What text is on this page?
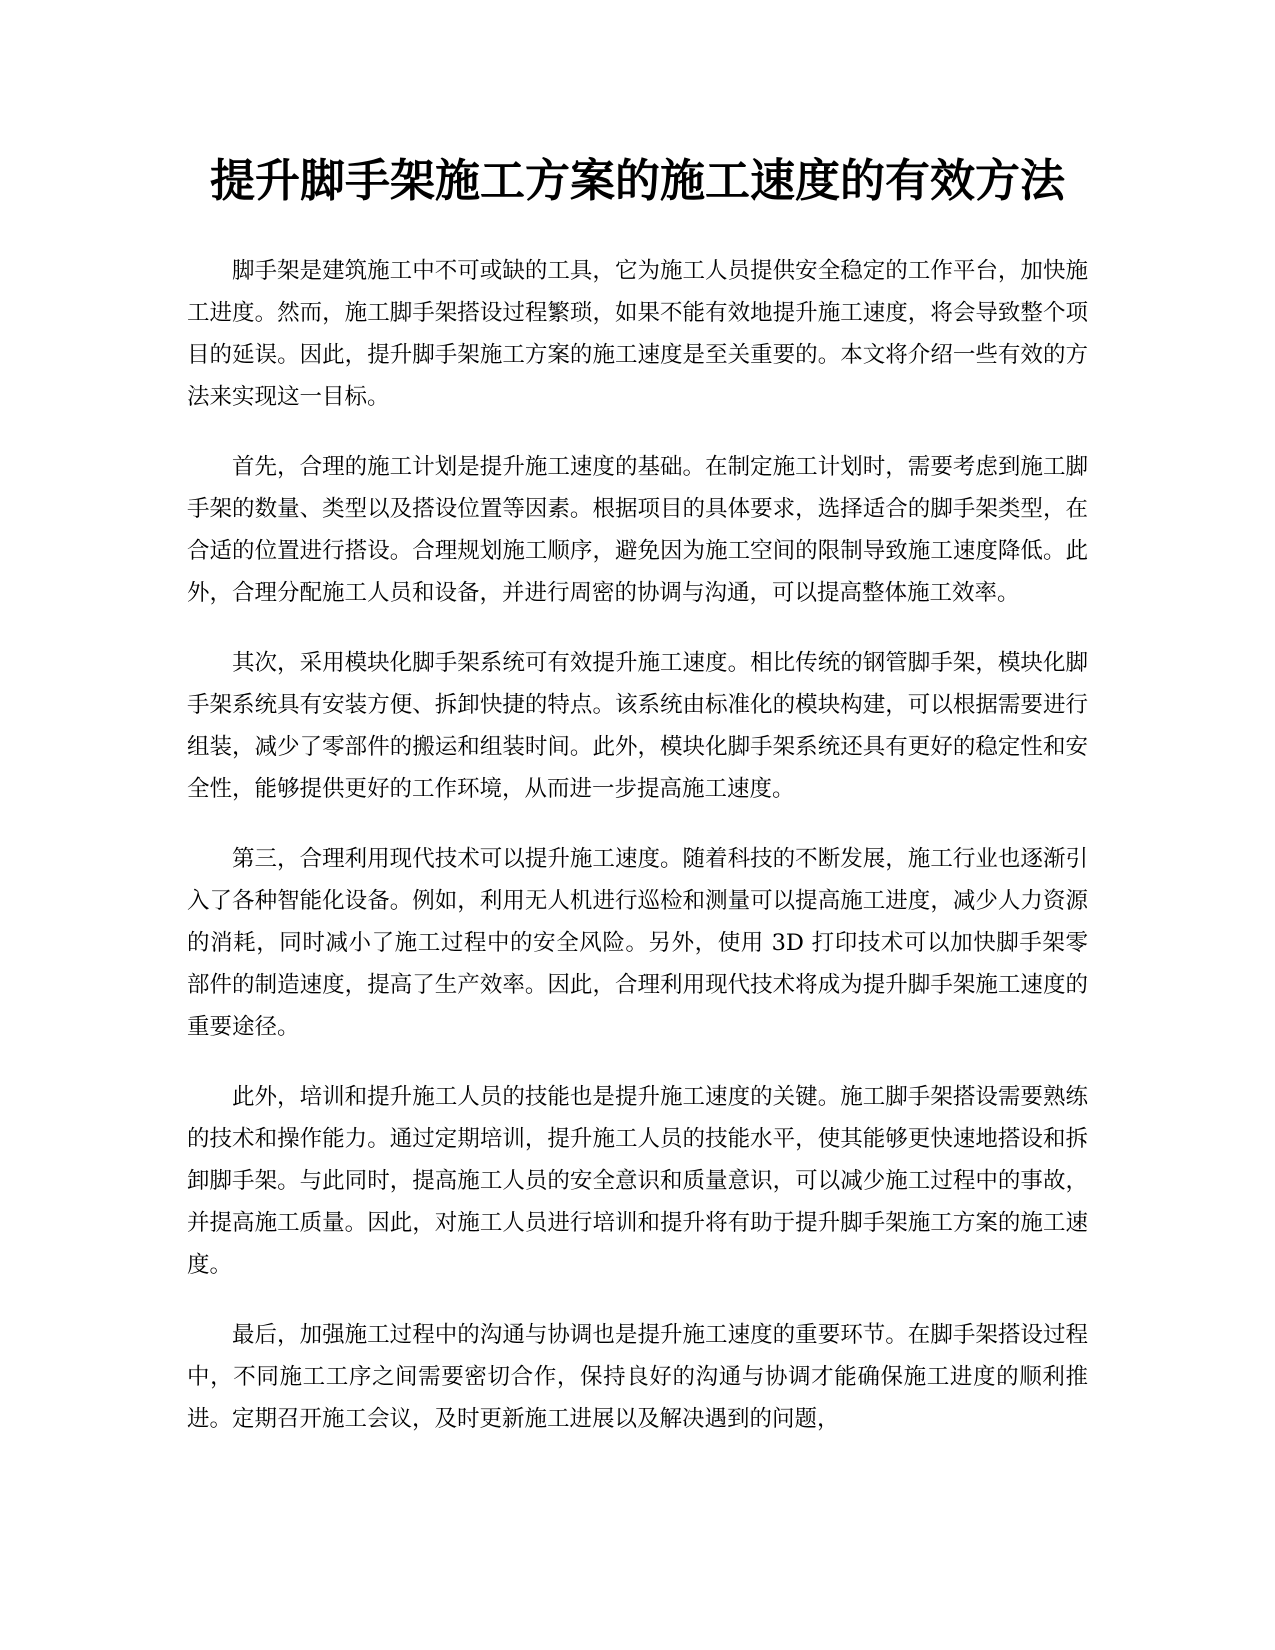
提升脚手架施工方案的施工速度的有效方法

脚手架是建筑施工中不可或缺的工具，它为施工人员提供安全稳定的工作平台，加快施工进度。然而，施工脚手架搭设过程繁琐，如果不能有效地提升施工速度，将会导致整个项目的延误。因此，提升脚手架施工方案的施工速度是至关重要的。本文将介绍一些有效的方法来实现这一目标。

首先，合理的施工计划是提升施工速度的基础。在制定施工计划时，需要考虑到施工脚手架的数量、类型以及搭设位置等因素。根据项目的具体要求，选择适合的脚手架类型，在合适的位置进行搭设。合理规划施工顺序，避免因为施工空间的限制导致施工速度降低。此外，合理分配施工人员和设备，并进行周密的协调与沟通，可以提高整体施工效率。

其次，采用模块化脚手架系统可有效提升施工速度。相比传统的钢管脚手架，模块化脚手架系统具有安装方便、拆卸快捷的特点。该系统由标准化的模块构建，可以根据需要进行组装，减少了零部件的搬运和组装时间。此外，模块化脚手架系统还具有更好的稳定性和安全性，能够提供更好的工作环境，从而进一步提高施工速度。

第三，合理利用现代技术可以提升施工速度。随着科技的不断发展，施工行业也逐渐引入了各种智能化设备。例如，利用无人机进行巡检和测量可以提高施工进度，减少人力资源的消耗，同时减小了施工过程中的安全风险。另外，使用 3D 打印技术可以加快脚手架零部件的制造速度，提高了生产效率。因此，合理利用现代技术将成为提升脚手架施工速度的重要途径。

此外，培训和提升施工人员的技能也是提升施工速度的关键。施工脚手架搭设需要熟练的技术和操作能力。通过定期培训，提升施工人员的技能水平，使其能够更快速地搭设和拆卸脚手架。与此同时，提高施工人员的安全意识和质量意识，可以减少施工过程中的事故，并提高施工质量。因此，对施工人员进行培训和提升将有助于提升脚手架施工方案的施工速度。

最后，加强施工过程中的沟通与协调也是提升施工速度的重要环节。在脚手架搭设过程中，不同施工工序之间需要密切合作，保持良好的沟通与协调才能确保施工进度的顺利推进。定期召开施工会议，及时更新施工进展以及解决遇到的问题，
